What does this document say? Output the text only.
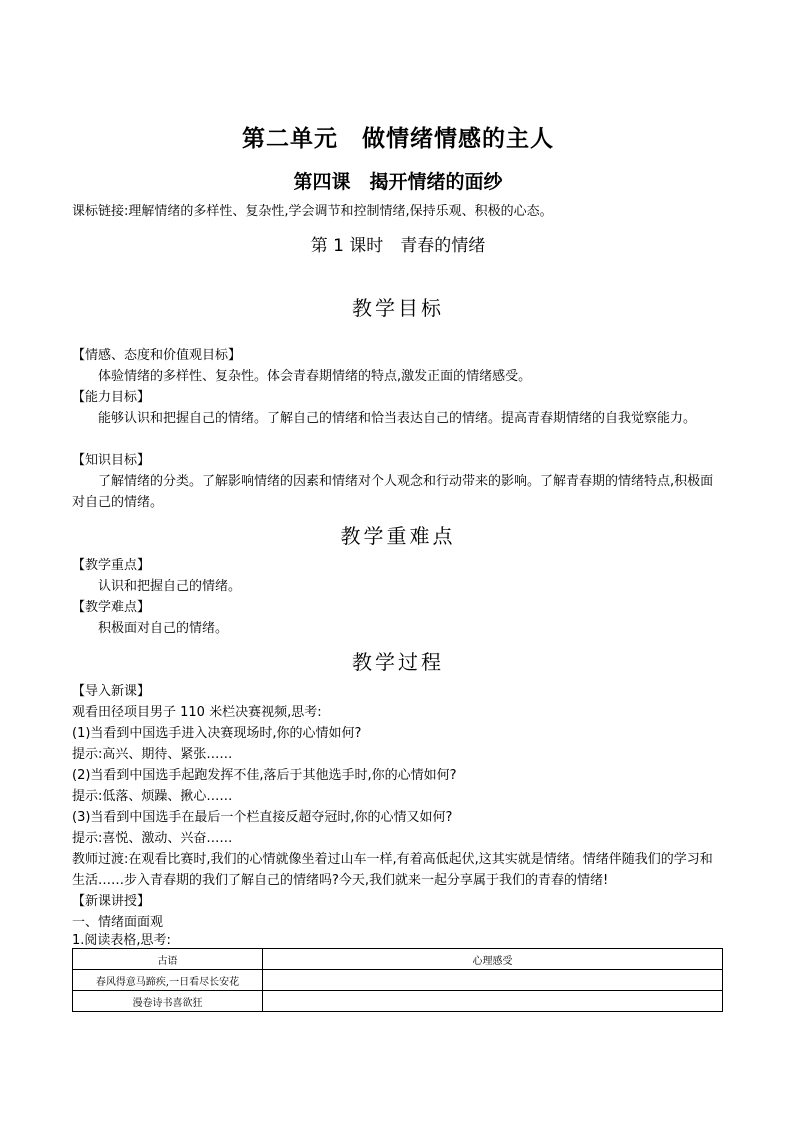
第二单元　做情绪情感的主人
第四课　揭开情绪的面纱
课标链接:理解情绪的多样性、复杂性,学会调节和控制情绪,保持乐观、积极的心态。
第 1 课时　青春的情绪
教学目标
【情感、态度和价值观目标】
体验情绪的多样性、复杂性。体会青春期情绪的特点,激发正面的情绪感受。
【能力目标】
能够认识和把握自己的情绪。了解自己的情绪和恰当表达自己的情绪。提高青春期情绪的自我觉察能力。
【知识目标】
了解情绪的分类。了解影响情绪的因素和情绪对个人观念和行动带来的影响。了解青春期的情绪特点,积极面对自己的情绪。
教学重难点
【教学重点】
认识和把握自己的情绪。
【教学难点】
积极面对自己的情绪。
教学过程
【导入新课】
观看田径项目男子 110 米栏决赛视频,思考:
(1)当看到中国选手进入决赛现场时,你的心情如何?
提示:高兴、期待、紧张……
(2)当看到中国选手起跑发挥不佳,落后于其他选手时,你的心情如何?
提示:低落、烦躁、揪心……
(3)当看到中国选手在最后一个栏直接反超夺冠时,你的心情又如何?
提示:喜悦、激动、兴奋……
教师过渡:在观看比赛时,我们的心情就像坐着过山车一样,有着高低起伏,这其实就是情绪。情绪伴随我们的学习和生活……步入青春期的我们了解自己的情绪吗?今天,我们就来一起分享属于我们的青春的情绪!
【新课讲授】
一、情绪面面观
1.阅读表格,思考:
古语	心理感受
春风得意马蹄疾,一日看尽长安花	
漫卷诗书喜欲狂	
